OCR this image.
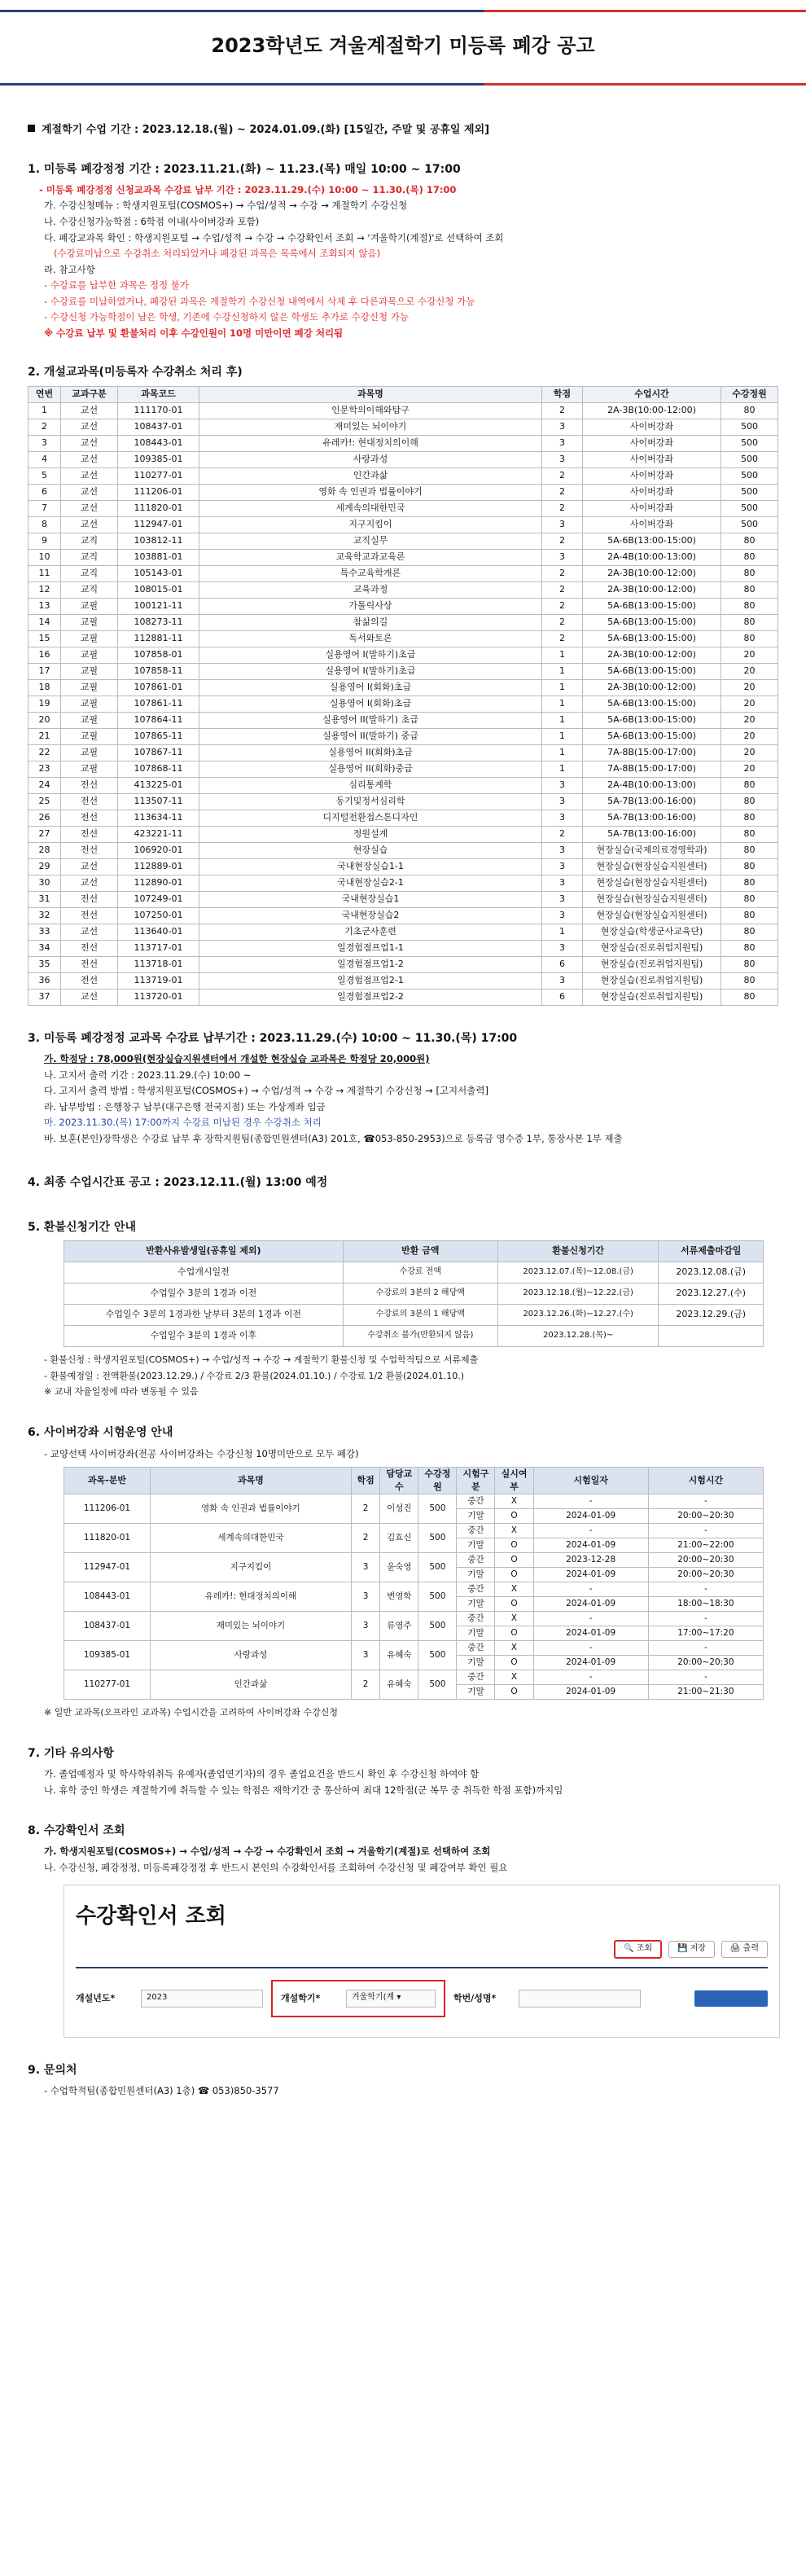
2023학년도 겨울계절학기 미등록 폐강 공고
계절학기 수업 기간 : 2023.12.18.(월) ~ 2024.01.09.(화) [15일간, 주말 및 공휴일 제외]
1. 미등록 폐강정정 기간 : 2023.11.21.(화) ~ 11.23.(목) 매일 10:00 ~ 17:00
- 미등록 폐강정정 신청교과목 수강료 납부 기간 : 2023.11.29.(수) 10:00 ~ 11.30.(목) 17:00
가. 수강신청메뉴 : 학생지원포털(COSMOS+) → 수업/성적 → 수강 → 계절학기 수강신청
나. 수강신청가능학점 : 6학점 이내(사이버강좌 포함)
다. 폐강교과목 확인 : 학생지원포털 → 수업/성적 → 수강 → 수강확인서 조회 → '겨울학기(계절)'로 선택하여 조회
(수강료미납으로 수강취소 처리되었거나 폐강된 과목은 목록에서 조회되지 않음)
라. 참고사항
- 수강료를 납부한 과목은 정정 불가
- 수강료를 미납하였거나, 폐강된 과목은 계절학기 수강신청 내역에서 삭제 후 다른과목으로 수강신청 가능
- 수강신청 가능학점이 남은 학생, 기존에 수강신청하지 않은 학생도 추가로 수강신청 가능
※ 수강료 납부 및 환불처리 이후 수강인원이 10명 미만이면 폐강 처리됨
2. 개설교과목(미등록자 수강취소 처리 후)
연번	교과구분	과목코드	과목명	학점	수업시간	수강정원
1	교선	111170-01	인문학의이해와탐구	2	2A-3B(10:00-12:00)	80
2	교선	108437-01	재미있는 뇌이야기	3	사이버강좌	500
3	교선	108443-01	유레카!: 현대정치의이해	3	사이버강좌	500
4	교선	109385-01	사랑과성	3	사이버강좌	500
5	교선	110277-01	인간과삶	2	사이버강좌	500
6	교선	111206-01	영화 속 인권과 법률이야기	2	사이버강좌	500
7	교선	111820-01	세계속의대한민국	2	사이버강좌	500
8	교선	112947-01	지구지킴이	3	사이버강좌	500
9	교직	103812-11	교직실무	2	5A-6B(13:00-15:00)	80
10	교직	103881-01	교육학교과교육론	3	2A-4B(10:00-13:00)	80
11	교직	105143-01	특수교육학개론	2	2A-3B(10:00-12:00)	80
12	교직	108015-01	교육과정	2	2A-3B(10:00-12:00)	80
13	교필	100121-11	가톨릭사상	2	5A-6B(13:00-15:00)	80
14	교필	108273-11	참삶의길	2	5A-6B(13:00-15:00)	80
15	교필	112881-11	독서와토론	2	5A-6B(13:00-15:00)	80
16	교필	107858-01	실용영어 I(말하기)초급	1	2A-3B(10:00-12:00)	20
17	교필	107858-11	실용영어 I(말하기)초급	1	5A-6B(13:00-15:00)	20
18	교필	107861-01	실용영어 I(회화)초급	1	2A-3B(10:00-12:00)	20
19	교필	107861-11	실용영어 I(회화)초급	1	5A-6B(13:00-15:00)	20
20	교필	107864-11	실용영어 II(말하기) 초급	1	5A-6B(13:00-15:00)	20
21	교필	107865-11	실용영어 II(말하기) 중급	1	5A-6B(13:00-15:00)	20
22	교필	107867-11	실용영어 II(회화)초급	1	7A-8B(15:00-17:00)	20
23	교필	107868-11	실용영어 II(회화)중급	1	7A-8B(15:00-17:00)	20
24	전선	413225-01	심리통계학	3	2A-4B(10:00-13:00)	80
25	전선	113507-11	동기및정서심리학	3	5A-7B(13:00-16:00)	80
26	전선	113634-11	디지털전환접스톤디자인	3	5A-7B(13:00-16:00)	80
27	전선	423221-11	정원설계	2	5A-7B(13:00-16:00)	80
28	전선	106920-01	현장실습	3	현장실습(국제의료경영학과)	80
29	교선	112889-01	국내현장실습1-1	3	현장실습(현장실습지원센터)	80
30	교선	112890-01	국내현장실습2-1	3	현장실습(현장실습지원센터)	80
31	전선	107249-01	국내현장실습1	3	현장실습(현장실습지원센터)	80
32	전선	107250-01	국내현장실습2	3	현장실습(현장실습지원센터)	80
33	교선	113640-01	기초군사훈련	1	현장실습(학생군사교육단)	80
34	전선	113717-01	일경험점프업1-1	3	현장실습(진로취업지원팀)	80
35	전선	113718-01	일경험점프업1-2	6	현장실습(진로취업지원팀)	80
36	전선	113719-01	일경험점프업2-1	3	현장실습(진로취업지원팀)	80
37	교선	113720-01	일경험점프업2-2	6	현장실습(진로취업지원팀)	80
3. 미등록 폐강정정 교과목 수강료 납부기간 : 2023.11.29.(수) 10:00 ~ 11.30.(목) 17:00
가. 학점당 : 78,000원(현장실습지원센터에서 개설한 현장실습 교과목은 학점당 20,000원)
나. 고지서 출력 기간 : 2023.11.29.(수) 10:00 ~
다. 고지서 출력 방법 : 학생지원포털(COSMOS+) → 수업/성적 → 수강 → 계절학기 수강신청 → [고지서출력]
라. 납부방법 : 은행창구 납부(대구은행 전국지점) 또는 가상계좌 입금
마. 2023.11.30.(목) 17:00까지 수강료 미납된 경우 수강취소 처리
바. 보훈(본인)장학생은 수강료 납부 후 장학지원팀(종합민원센터(A3) 201호, ☎053-850-2953)으로 등록금 영수증 1부, 통장사본 1부 제출
4. 최종 수업시간표 공고 : 2023.12.11.(월) 13:00 예정
5. 환불신청기간 안내
반환사유발생일(공휴일 제외)	반환 금액	환불신청기간	서류제출마감일
수업개시일전	수강료 전액	2023.12.07.(목)~12.08.(금)	2023.12.08.(금)
수업일수 3분의 1경과 이전	수강료의 3분의 2 해당액	2023.12.18.(월)~12.22.(금)	2023.12.27.(수)
수업일수 3분의 1경과한 날부터 3분의 1경과 이전	수강료의 3분의 1 해당액	2023.12.26.(화)~12.27.(수)	2023.12.29.(금)
수업일수 3분의 1경과 이후	수강취소 불가(반환되지 않음)	2023.12.28.(목)~	
- 환불신청 : 학생지원포털(COSMOS+) → 수업/성적 → 수강 → 계절학기 환불신청 및 수업학적팀으로 서류제출
- 환불예정일 : 전액환불(2023.12.29.) / 수강료 2/3 환불(2024.01.10.) / 수강료 1/2 환불(2024.01.10.)
※ 교내 자율일정에 따라 변동될 수 있음
6. 사이버강좌 시험운영 안내
- 교양선택 사이버강좌(전공 사이버강좌는 수강신청 10명미만으로 모두 폐강)
과목-분반	과목명	학점	담당교수	수강정원	시험구분	실시여부	시험일자	시험시간
111206-01	영화 속 인권과 법률이야기	2	이성진	500	중간	X	-	-
					기말	O	2024-01-09	20:00~20:30
111820-01	세계속의대한민국	2	김효신	500	중간	X	-	-
					기말	O	2024-01-09	21:00~22:00
112947-01	지구지킴이	3	윤숙영	500	중간	O	2023-12-28	20:00~20:30
					기말	O	2024-01-09	20:00~20:30
108443-01	유레카!: 현대정치의이해	3	변영학	500	중간	X	-	-
					기말	O	2024-01-09	18:00~18:30
108437-01	재미있는 뇌이야기	3	류영주	500	중간	X	-	-
					기말	O	2024-01-09	17:00~17:20
109385-01	사랑과성	3	유혜숙	500	중간	X	-	-
					기말	O	2024-01-09	20:00~20:30
110277-01	인간과삶	2	유혜숙	500	중간	X	-	-
					기말	O	2024-01-09	21:00~21:30
※ 일반 교과목(오프라인 교과목) 수업시간을 고려하여 사이버강좌 수강신청
7. 기타 유의사항
가. 졸업예정자 및 학사학위취득 유예자(졸업연기자)의 경우 졸업요건을 반드시 확인 후 수강신청 하여야 함
나. 휴학 중인 학생은 계절학기에 취득할 수 있는 학점은 재학기간 중 통산하여 최대 12학점(군 복무 중 취득한 학점 포함)까지임
8. 수강확인서 조회
가. 학생지원포털(COSMOS+) → 수업/성적 → 수강 → 수강확인서 조회 → 겨울학기(계절)로 선택하여 조회
나. 수강신청, 폐강정정, 미등록폐강정정 후 반드시 본인의 수강확인서를 조회하여 수강신청 및 폐강여부 확인 필요
수강확인서 조회
🔍 조회	💾 저장	🖨 출력
개설년도*	2023	개설학기*	겨울학기(계 ▾	학번/성명*
9. 문의처
- 수업학적팀(종합민원센터(A3) 1층) ☎ 053)850-3577
